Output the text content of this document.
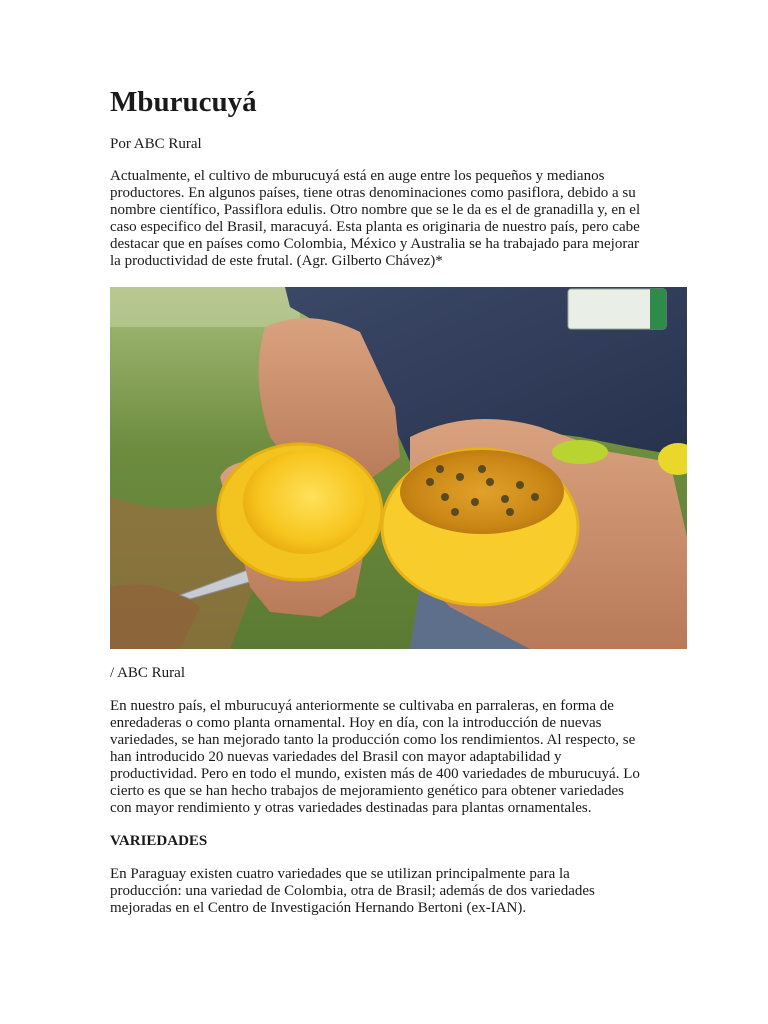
Mburucuyá
Por ABC Rural

Actualmente, el cultivo de mburucuyá está en auge entre los pequeños y medianos
productores. En algunos países, tiene otras denominaciones como pasiflora, debido a su
nombre científico, Passiflora edulis. Otro nombre que se le da es el de granadilla y, en el
caso especifico del Brasil, maracuyá. Esta planta es originaria de nuestro país, pero cabe
destacar que en países como Colombia, México y Australia se ha trabajado para mejorar
la productividad de este frutal. (Agr. Gilberto Chávez)*

/ ABC Rural

En nuestro país, el mburucuyá anteriormente se cultivaba en parraleras, en forma de
enredaderas o como planta ornamental. Hoy en día, con la introducción de nuevas
variedades, se han mejorado tanto la producción como los rendimientos. Al respecto, se
han introducido 20 nuevas variedades del Brasil con mayor adaptabilidad y
productividad. Pero en todo el mundo, existen más de 400 variedades de mburucuyá. Lo
cierto es que se han hecho trabajos de mejoramiento genético para obtener variedades
con mayor rendimiento y otras variedades destinadas para plantas ornamentales.

VARIEDADES

En Paraguay existen cuatro variedades que se utilizan principalmente para la
producción: una variedad de Colombia, otra de Brasil; además de dos variedades
mejoradas en el Centro de Investigación Hernando Bertoni (ex-IAN).
